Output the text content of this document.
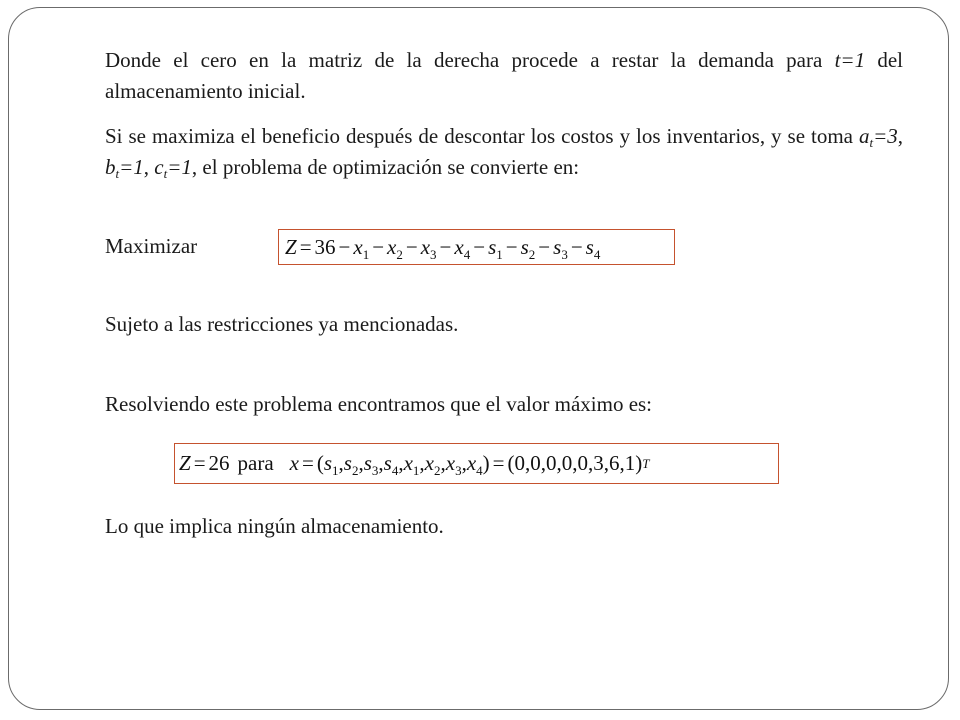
Donde el cero en la matriz de la derecha procede a restar la demanda para t=1 del almacenamiento inicial.

Si se maximiza el beneficio después de descontar los costos y los inventarios, y se toma $a_t=3$, $b_t=1$, $c_t=1$, el problema de optimización se convierte en:

Maximizar	$Z = 36 - x_1 - x_2 - x_3 - x_4 - s_1 - s_2 - s_3 - s_4$

Sujeto a las restricciones ya mencionadas.

Resolviendo este problema encontramos que el valor máximo es:

Z = 26 para $x = (s_1,s_2,s_3,s_4,x_1,x_2,x_3,x_4) = (0,0,0,0,0,3,6,1)$ T

Lo que implica ningún almacenamiento.
